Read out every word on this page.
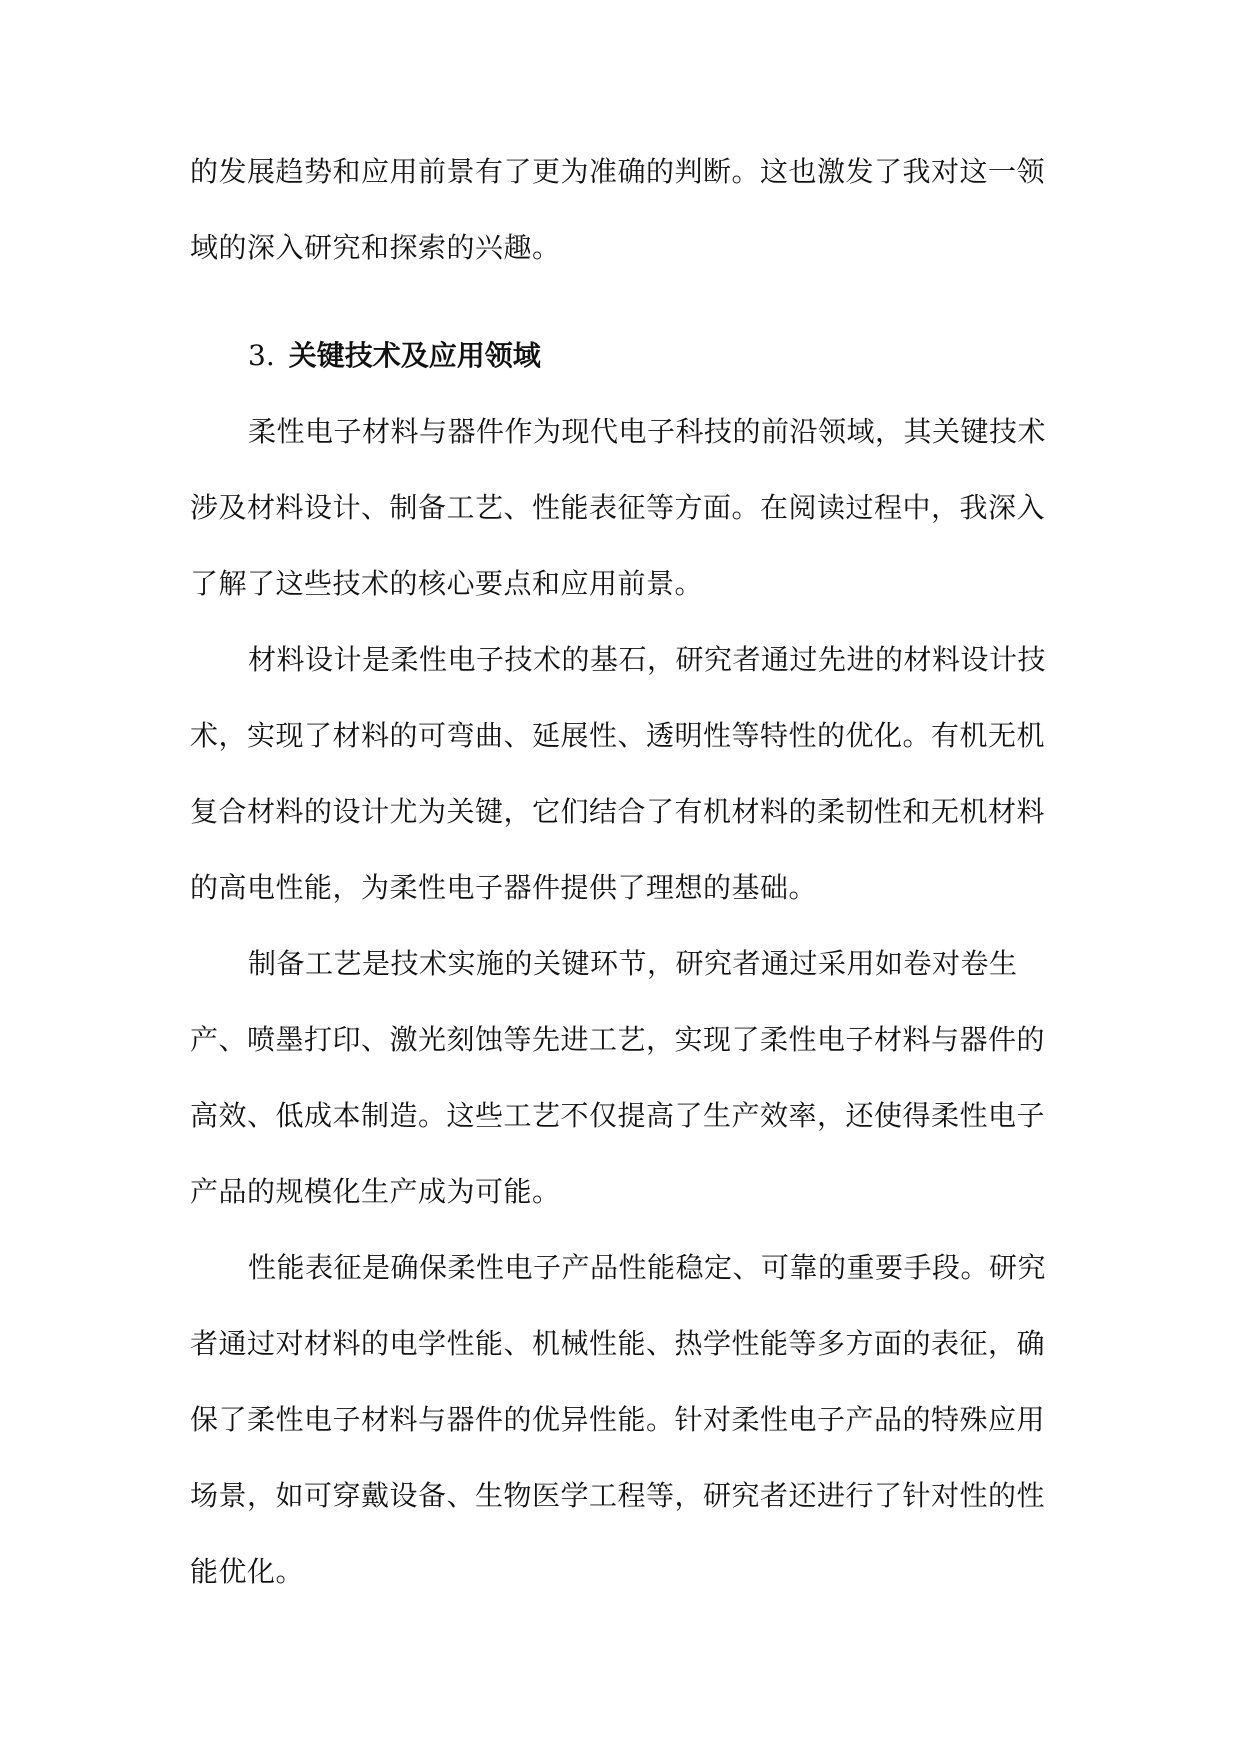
的发展趋势和应用前景有了更为准确的判断。这也激发了我对这一领域的深入研究和探索的兴趣。
3. 关键技术及应用领域

柔性电子材料与器件作为现代电子科技的前沿领域，其关键技术涉及材料设计、制备工艺、性能表征等方面。在阅读过程中，我深入了解了这些技术的核心要点和应用前景。

材料设计是柔性电子技术的基石，研究者通过先进的材料设计技术，实现了材料的可弯曲、延展性、透明性等特性的优化。有机无机复合材料的设计尤为关键，它们结合了有机材料的柔韧性和无机材料的高电性能，为柔性电子器件提供了理想的基础。

制备工艺是技术实施的关键环节，研究者通过采用如卷对卷生产、喷墨打印、激光刻蚀等先进工艺，实现了柔性电子材料与器件的高效、低成本制造。这些工艺不仅提高了生产效率，还使得柔性电子产品的规模化生产成为可能。

性能表征是确保柔性电子产品性能稳定、可靠的重要手段。研究者通过对材料的电学性能、机械性能、热学性能等多方面的表征，确保了柔性电子材料与器件的优异性能。针对柔性电子产品的特殊应用场景，如可穿戴设备、生物医学工程等，研究者还进行了针对性的性能优化。
